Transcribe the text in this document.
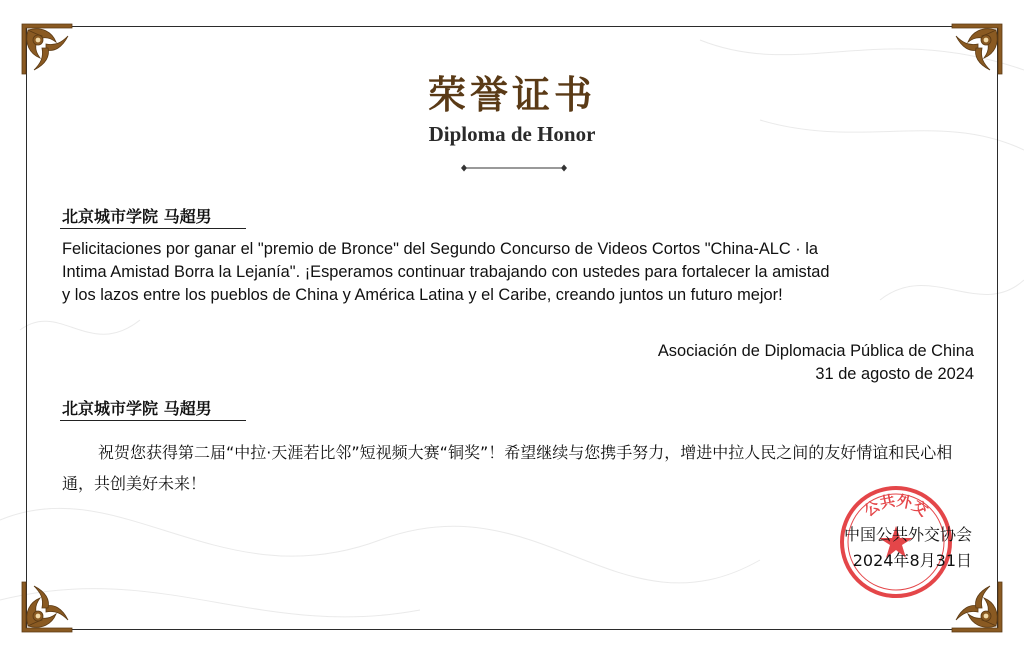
荣誉证书
Diploma de Honor
北京城市学院 马超男
Felicitaciones por ganar el "premio de Bronce" del Segundo Concurso de Videos Cortos "China-ALC · la
Intima Amistad Borra la Lejanía". ¡Esperamos continuar trabajando con ustedes para fortalecer la amistad
y los lazos entre los pueblos de China y América Latina y el Caribe, creando juntos un futuro mejor!
Asociación de Diplomacia Pública de China
31 de agosto de 2024
北京城市学院 马超男
祝贺您获得第二届“中拉·天涯若比邻”短视频大赛“铜奖”！希望继续与您携手努力，增进中拉人民之间的友好情谊和民心相通，共创美好未来！
公共外交
中国公共外交协会
2024年8月31日
